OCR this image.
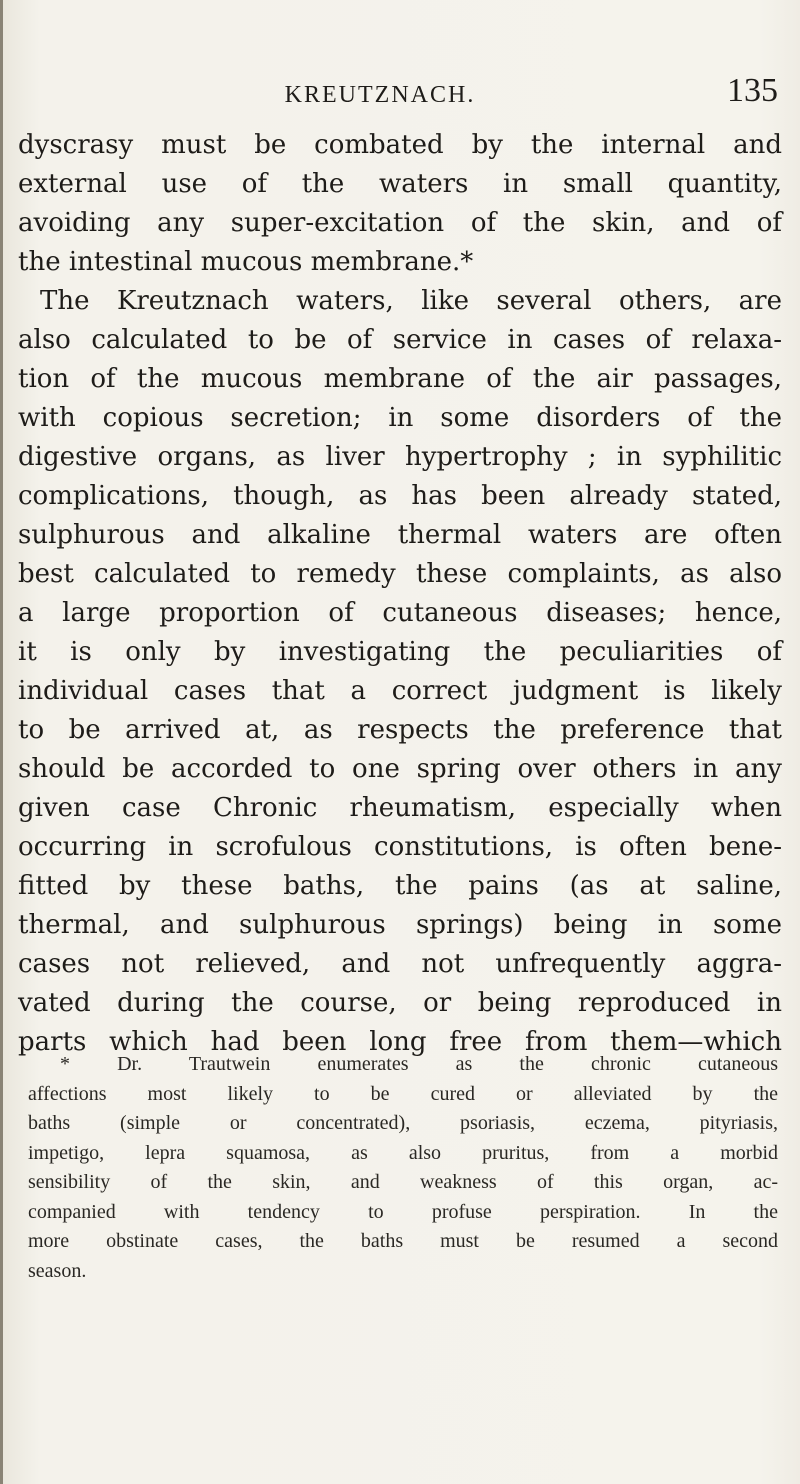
KREUTZNACH.	135
dyscrasy must be combated by the internal and
external use of the waters in small quantity,
avoiding any super-excitation of the skin, and of
the intestinal mucous membrane.*
The Kreutznach waters, like several others, are
also calculated to be of service in cases of relaxa-
tion of the mucous membrane of the air passages,
with copious secretion; in some disorders of the
digestive organs, as liver hypertrophy ; in syphilitic
complications, though, as has been already stated,
sulphurous and alkaline thermal waters are often
best calculated to remedy these complaints, as also
a large proportion of cutaneous diseases; hence,
it is only by investigating the peculiarities of
individual cases that a correct judgment is likely
to be arrived at, as respects the preference that
should be accorded to one spring over others in any
given case Chronic rheumatism, especially when
occurring in scrofulous constitutions, is often bene-
fitted by these baths, the pains (as at saline,
thermal, and sulphurous springs) being in some
cases not relieved, and not unfrequently aggra-
vated during the course, or being reproduced in
parts which had been long free from them—which
* Dr. Trautwein enumerates as the chronic cutaneous
affections most likely to be cured or alleviated by the
baths (simple or concentrated), psoriasis, eczema, pityriasis,
impetigo, lepra squamosa, as also pruritus, from a morbid
sensibility of the skin, and weakness of this organ, ac-
companied with tendency to profuse perspiration. In the
more obstinate cases, the baths must be resumed a second
season.
